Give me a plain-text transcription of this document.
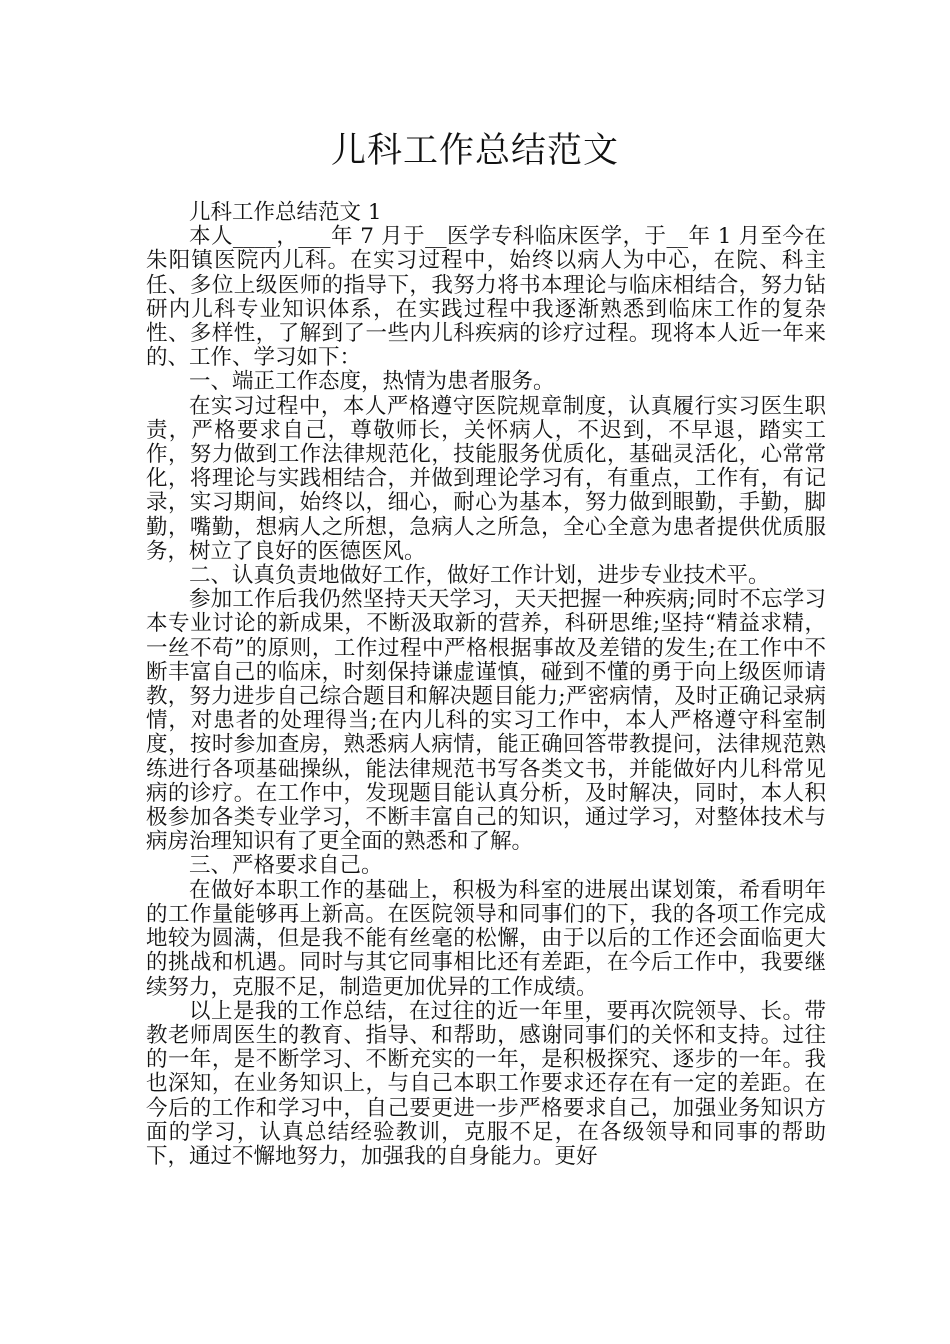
儿科工作总结范文

儿科工作总结范文 1

本人____，___年 7 月于__医学专科临床医学，于__年 1 月至今在朱阳镇医院内儿科。在实习过程中，始终以病人为中心，在院、科主任、多位上级医师的指导下，我努力将书本理论与临床相结合，努力钻研内儿科专业知识体系，在实践过程中我逐渐熟悉到临床工作的复杂性、多样性，了解到了一些内儿科疾病的诊疗过程。现将本人近一年来的、工作、学习如下：

一、端正工作态度，热情为患者服务。

在实习过程中，本人严格遵守医院规章制度，认真履行实习医生职责，严格要求自己，尊敬师长，关怀病人，不迟到，不早退，踏实工作，努力做到工作法律规范化，技能服务优质化，基础灵活化，心常常化，将理论与实践相结合，并做到理论学习有，有重点，工作有，有记录，实习期间，始终以，细心，耐心为基本，努力做到眼勤，手勤，脚勤，嘴勤，想病人之所想，急病人之所急，全心全意为患者提供优质服务，树立了良好的医德医风。

二、认真负责地做好工作，做好工作计划，进步专业技术平。

参加工作后我仍然坚持天天学习，天天把握一种疾病;同时不忘学习本专业讨论的新成果，不断汲取新的营养，科研思维;坚持“精益求精，一丝不苟”的原则，工作过程中严格根据事故及差错的发生;在工作中不断丰富自己的临床，时刻保持谦虚谨慎，碰到不懂的勇于向上级医师请教，努力进步自己综合题目和解决题目能力;严密病情，及时正确记录病情，对患者的处理得当;在内儿科的实习工作中，本人严格遵守科室制度，按时参加查房，熟悉病人病情，能正确回答带教提问，法律规范熟练进行各项基础操纵，能法律规范书写各类文书，并能做好内儿科常见病的诊疗。在工作中，发现题目能认真分析，及时解决，同时，本人积极参加各类专业学习，不断丰富自己的知识，通过学习，对整体技术与病房治理知识有了更全面的熟悉和了解。

三、严格要求自己。

在做好本职工作的基础上，积极为科室的进展出谋划策，希看明年的工作量能够再上新高。在医院领导和同事们的下，我的各项工作完成地较为圆满，但是我不能有丝毫的松懈，由于以后的工作还会面临更大的挑战和机遇。同时与其它同事相比还有差距，在今后工作中，我要继续努力，克服不足，制造更加优异的工作成绩。

以上是我的工作总结，在过往的近一年里，要再次院领导、长。带教老师周医生的教育、指导、和帮助，感谢同事们的关怀和支持。过往的一年，是不断学习、不断充实的一年，是积极探究、逐步的一年。我也深知，在业务知识上，与自己本职工作要求还存在有一定的差距。在今后的工作和学习中，自己要更进一步严格要求自己，加强业务知识方面的学习，认真总结经验教训，克服不足，在各级领导和同事的帮助下，通过不懈地努力，加强我的自身能力。更好
